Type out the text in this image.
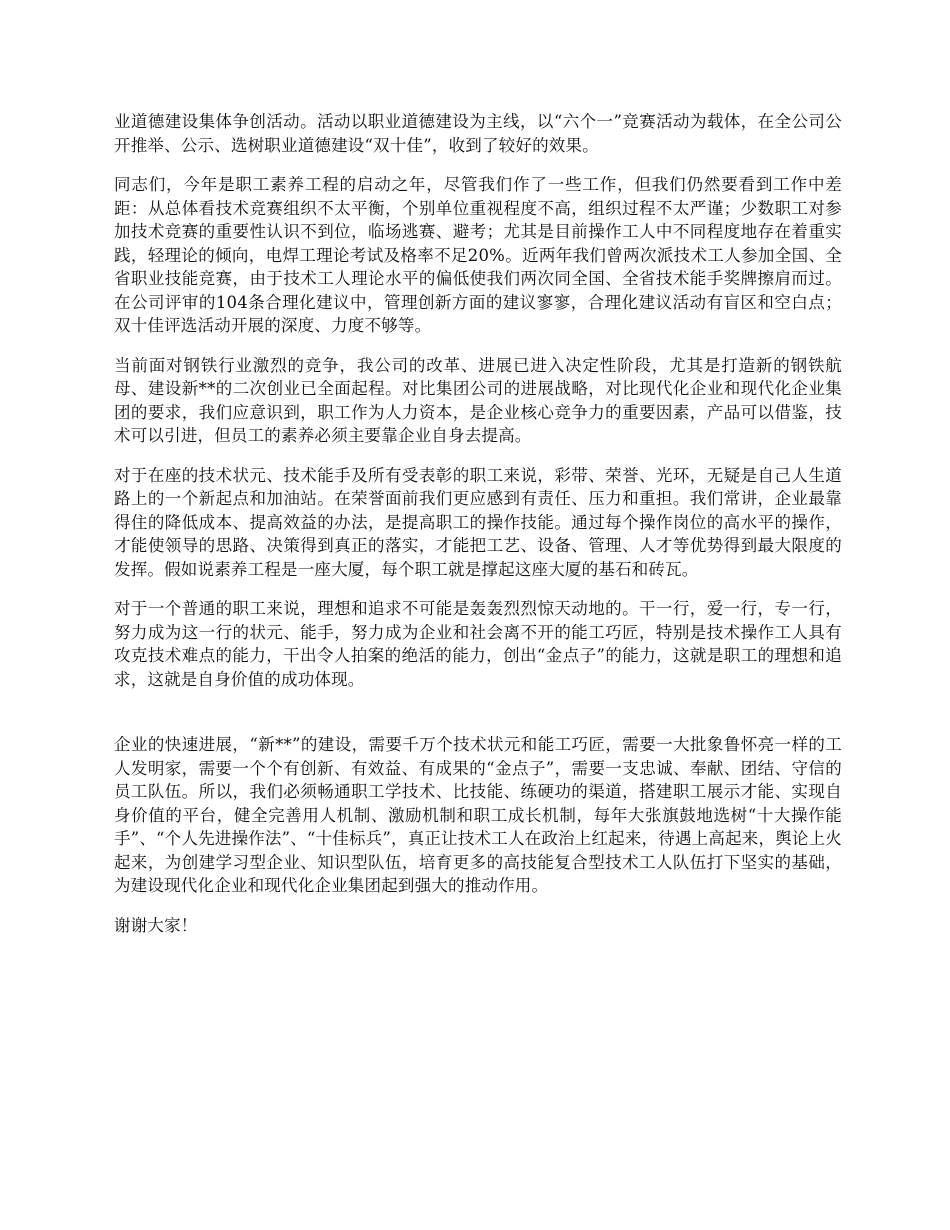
业道德建设集体争创活动。活动以职业道德建设为主线，以“六个一”竞赛活动为载体，在全公司公开推举、公示、选树职业道德建设“双十佳”，收到了较好的效果。

同志们，今年是职工素养工程的启动之年，尽管我们作了一些工作，但我们仍然要看到工作中差距：从总体看技术竞赛组织不太平衡，个别单位重视程度不高，组织过程不太严谨；少数职工对参加技术竞赛的重要性认识不到位，临场逃赛、避考；尤其是目前操作工人中不同程度地存在着重实践，轻理论的倾向，电焊工理论考试及格率不足20%。近两年我们曾两次派技术工人参加全国、全省职业技能竞赛，由于技术工人理论水平的偏低使我们两次同全国、全省技术能手奖牌擦肩而过。在公司评审的104条合理化建议中，管理创新方面的建议寥寥，合理化建议活动有盲区和空白点；双十佳评选活动开展的深度、力度不够等。

当前面对钢铁行业激烈的竞争，我公司的改革、进展已进入决定性阶段，尤其是打造新的钢铁航母、建设新**的二次创业已全面起程。对比集团公司的进展战略，对比现代化企业和现代化企业集团的要求，我们应意识到，职工作为人力资本，是企业核心竞争力的重要因素，产品可以借鉴，技术可以引进，但员工的素养必须主要靠企业自身去提高。

对于在座的技术状元、技术能手及所有受表彰的职工来说，彩带、荣誉、光环，无疑是自己人生道路上的一个新起点和加油站。在荣誉面前我们更应感到有责任、压力和重担。我们常讲，企业最靠得住的降低成本、提高效益的办法，是提高职工的操作技能。通过每个操作岗位的高水平的操作，才能使领导的思路、决策得到真正的落实，才能把工艺、设备、管理、人才等优势得到最大限度的发挥。假如说素养工程是一座大厦，每个职工就是撑起这座大厦的基石和砖瓦。

对于一个普通的职工来说，理想和追求不可能是轰轰烈烈惊天动地的。干一行，爱一行，专一行，努力成为这一行的状元、能手，努力成为企业和社会离不开的能工巧匠，特别是技术操作工人具有攻克技术难点的能力，干出令人拍案的绝活的能力，创出“金点子”的能力，这就是职工的理想和追求，这就是自身价值的成功体现。

企业的快速进展，“新**”的建设，需要千万个技术状元和能工巧匠，需要一大批象鲁怀亮一样的工人发明家，需要一个个有创新、有效益、有成果的“金点子”，需要一支忠诚、奉献、团结、守信的员工队伍。所以，我们必须畅通职工学技术、比技能、练硬功的渠道，搭建职工展示才能、实现自身价值的平台，健全完善用人机制、激励机制和职工成长机制，每年大张旗鼓地选树“十大操作能手”、“个人先进操作法”、“十佳标兵”，真正让技术工人在政治上红起来，待遇上高起来，舆论上火起来，为创建学习型企业、知识型队伍，培育更多的高技能复合型技术工人队伍打下坚实的基础，为建设现代化企业和现代化企业集团起到强大的推动作用。

谢谢大家！
